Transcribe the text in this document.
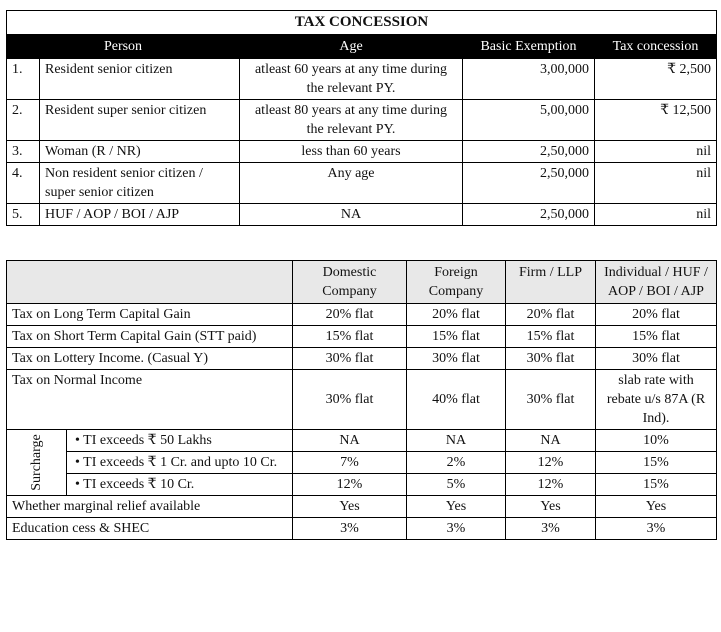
TAX CONCESSION				
Person		Age	Basic Exemption	Tax concession
1.	Resident senior citizen	atleast 60 years at any time during the relevant PY.	3,00,000	₹ 2,500
2.	Resident super senior citizen	atleast 80 years at any time during the relevant PY.	5,00,000	₹ 12,500
3.	Woman (R / NR)	less than 60 years	2,50,000	nil
4.	Non resident senior citizen / super senior citizen	Any age	2,50,000	nil
5.	HUF / AOP / BOI / AJP	NA	2,50,000	nil
		Domestic Company	Foreign Company	Firm / LLP	Individual / HUF / AOP / BOI / AJP
Tax on Long Term Capital Gain		20% flat	20% flat	20% flat	20% flat
Tax on Short Term Capital Gain (STT paid)		15% flat	15% flat	15% flat	15% flat
Tax on Lottery Income. (Casual Y)		30% flat	30% flat	30% flat	30% flat
Tax on Normal Income		30% flat	40% flat	30% flat	slab rate with rebate u/s 87A (R Ind).
Surcharge	• TI exceeds ₹ 50 Lakhs	NA	NA	NA	10%
	• TI exceeds ₹ 1 Cr. and upto 10 Cr.	7%	2%	12%	15%
	• TI exceeds ₹ 10 Cr.	12%	5%	12%	15%
Whether marginal relief available		Yes	Yes	Yes	Yes
Education cess & SHEC		3%	3%	3%	3%
